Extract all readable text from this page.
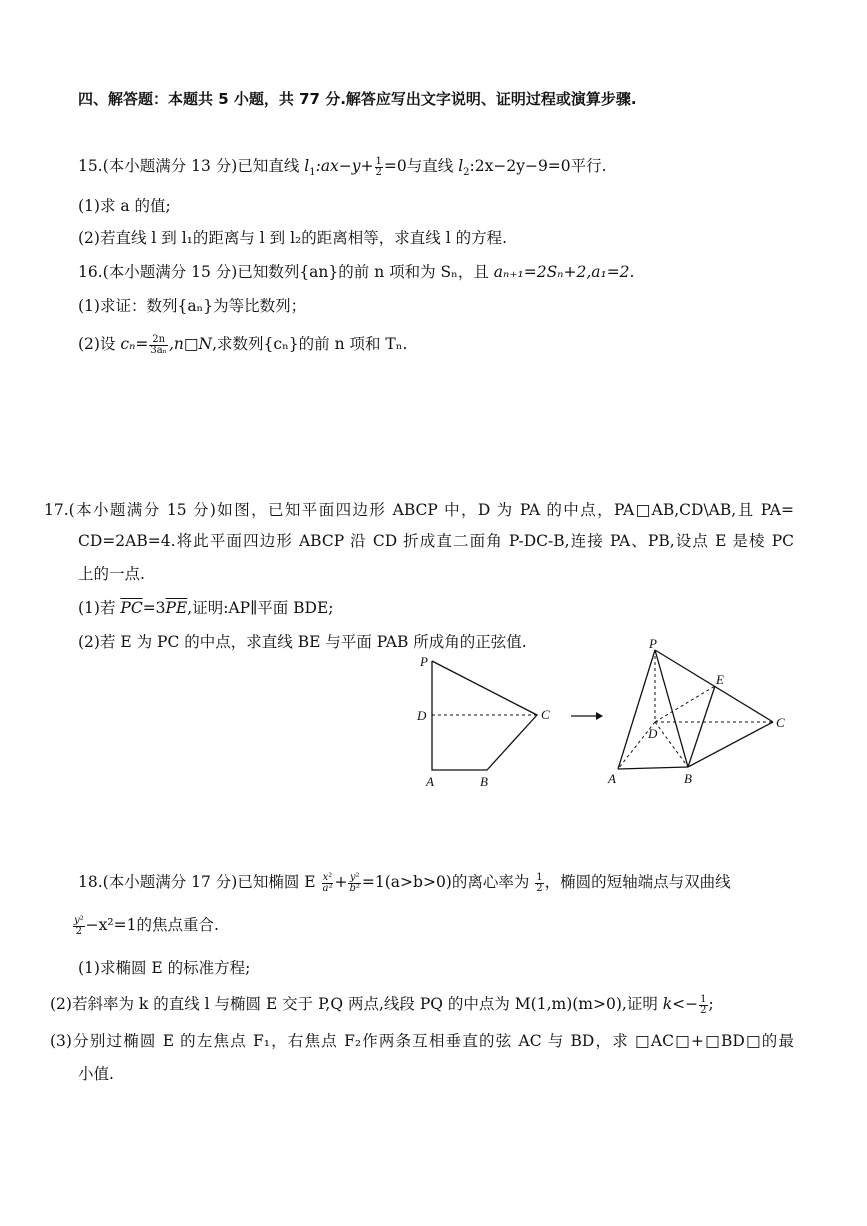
四、解答题：本题共 5 小题，共 77 分.解答应写出文字说明、证明过程或演算步骤.
15.(本小题满分 13 分)已知直线 $l_1:ax-y+ \frac{1}{2} =0$与直线 $l_2:2x-2y-9=0$平行.
(1)求 a 的值;
(2)若直线 l 到 l₁的距离与 l 到 l₂的距离相等，求直线 l 的方程.
16.(本小题满分 15 分)已知数列{an}的前 n 项和为 Sₙ，且 aₙ₊₁=2Sₙ+2,a₁=2.
(1)求证：数列{aₙ}为等比数列；
(2)设 $c_n= \frac{2n}{\text{3aₙ}}$ ,n□N,求数列{cₙ}的前 n 项和 Tₙ.
17.(本小题满分 15 分)如图，已知平面四边形 ABCP 中，D 为 PA 的中点，PA□AB,CD\AB,且 PA=
CD=2AB=4.将此平面四边形 ABCP 沿 CD 折成直二面角 P-DC-B,连接 PA、PB,设点 E 是棱 PC
上的一点.
(1)若 $\overline{PC}=3\overline{PE}$,证明:AP∥平面 BDE;
(2)若 E 为 PC 的中点，求直线 BE 与平面 PAB 所成角的正弦值.
P
D	C
A	B
P
E
D
C
A	B
18.(本小题满分 17 分)已知椭圆 E $\frac{\text{x²}}{\text{a²}} + \frac{\text{y²}}{\text{b²}} =1(a>b>0)$的离心率为 $\frac{1}{2}$ ，椭圆的短轴端点与双曲线
$\frac{\text{y²}}{2} -x^2=1$的焦点重合.
(1)求椭圆 E 的标准方程;
(2)若斜率为 k 的直线 l 与椭圆 E 交于 P,Q 两点,线段 PQ 的中点为 M(1,m)(m>0),证明 $k<- \frac{1}{2}$ ;
(3)分别过椭圆 E 的左焦点 F₁，右焦点 F₂作两条互相垂直的弦 AC 与 BD，求 □AC□+□BD□的最
小值.
